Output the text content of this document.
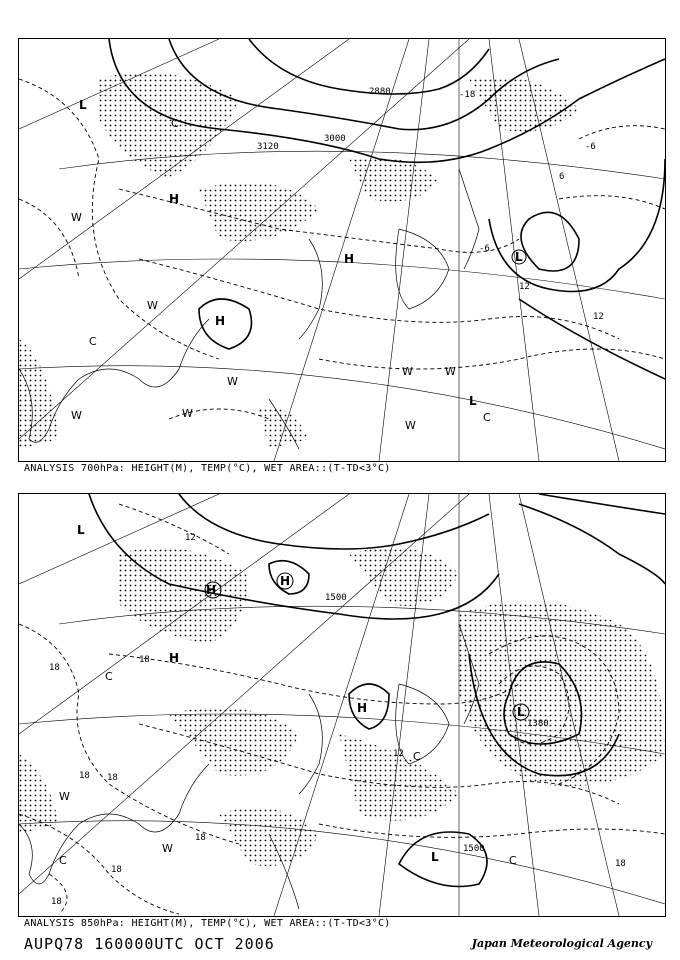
2880
3000
3120
L
H
H
H
L
L
W
W
W
W
W
W	W
W
C
C
C
-18
-6
-6
12
12
6
ANALYSIS 700hPa: HEIGHT(M), TEMP(°C), WET AREA::(T-TD<3°C)
1500
1500
1380
H
H
H
H	L
L
L
W
W
C
C
C
C
18
18
18 18
18
18
12
12
18
18
ANALYSIS 850hPa: HEIGHT(M), TEMP(°C), WET AREA::(T-TD<3°C)
AUPQ78 160000UTC OCT 2006	Japan Meteorological Agency
